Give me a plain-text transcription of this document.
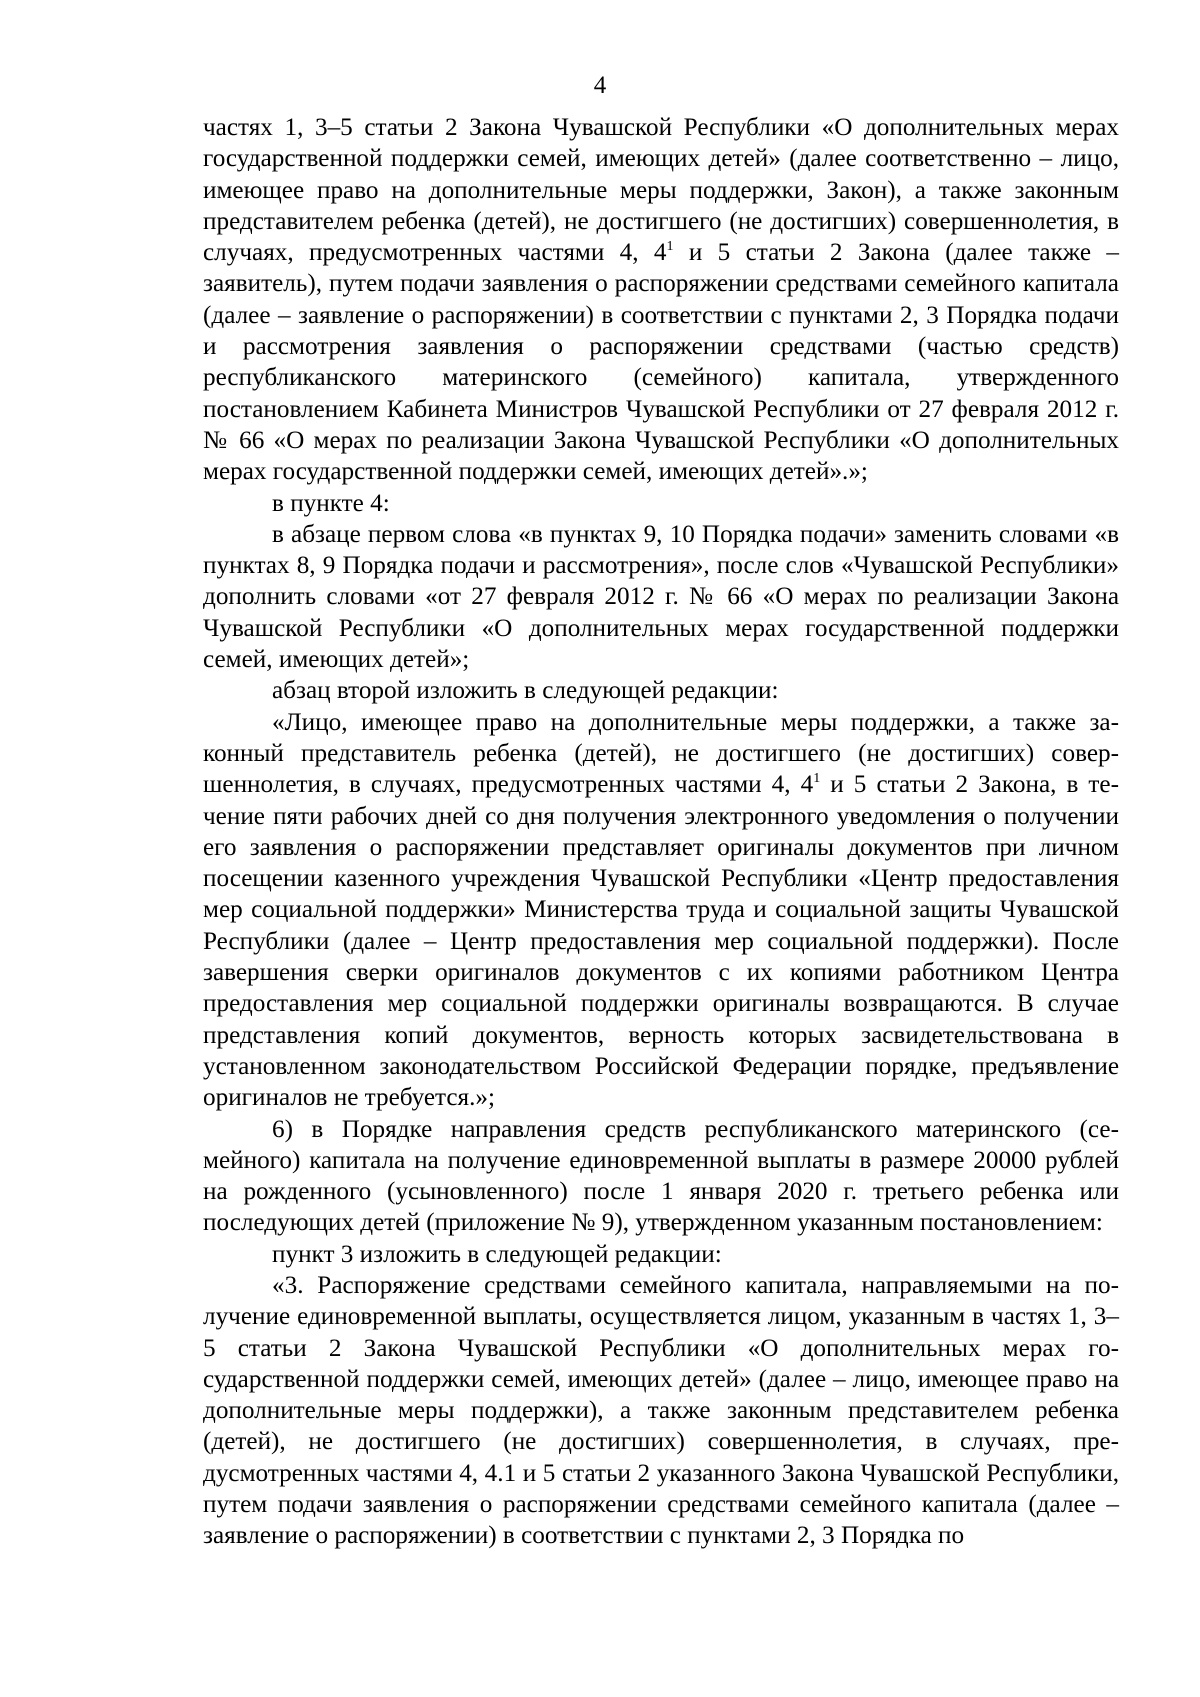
4

частях 1, 3–5 статьи 2 Закона Чувашской Республики «О дополнительных мерах государственной поддержки семей, имеющих детей» (далее соответственно – лицо, имеющее право на дополнительные меры поддержки, Закон), а также законным представителем ребенка (детей), не достигшего (не достигших) совершеннолетия, в случаях, предусмотренных частями 4, $4^1$ и 5 статьи 2 Закона (далее также – заявитель), путем подачи заявления о распоряжении средствами семейного капитала (далее – заявление о распоряжении) в соответствии с пунктами 2, 3 Порядка подачи и рассмотрения заявления о распоряжении средствами (частью средств) республиканского материнского (семейного) капитала, утвержденного постановлением Кабинета Министров Чувашской Республики от 27 февраля 2012 г. № 66 «О мерах по реализации Закона Чувашской Республики «О дополнительных мерах государственной поддержки семей, имеющих детей».»;

в пункте 4:

в абзаце первом слова «в пунктах 9, 10 Порядка подачи» заменить словами «в пунктах 8, 9 Порядка подачи и рассмотрения», после слов «Чувашской Республики» дополнить словами «от 27 февраля 2012 г. № 66 «О мерах по реализации Закона Чувашской Республики «О дополнительных мерах государственной поддержки семей, имеющих детей»;

абзац второй изложить в следующей редакции:

«Лицо, имеющее право на дополнительные меры поддержки, а также законный представитель ребенка (детей), не достигшего (не достигших) совершеннолетия, в случаях, предусмотренных частями 4, $4^1$ и 5 статьи 2 Закона, в течение пяти рабочих дней со дня получения электронного уведомления о получении его заявления о распоряжении представляет оригиналы документов при личном посещении казенного учреждения Чувашской Республики «Центр предоставления мер социальной поддержки» Министерства труда и социальной защиты Чувашской Республики (далее – Центр предоставления мер социальной поддержки). После завершения сверки оригиналов документов с их копиями работником Центра предоставления мер социальной поддержки оригиналы возвращаются. В случае представления копий документов, верность которых засвидетельствована в установленном законодательством Российской Федерации порядке, предъявление оригиналов не требуется.»;

6) в Порядке направления средств республиканского материнского (семейного) капитала на получение единовременной выплаты в размере 20000 рублей на рожденного (усыновленного) после 1 января 2020 г. третьего ребенка или последующих детей (приложение № 9), утвержденном указанным постановлением:

пункт 3 изложить в следующей редакции:

«3. Распоряжение средствами семейного капитала, направляемыми на получение единовременной выплаты, осуществляется лицом, указанным в частях 1, 3–5 статьи 2 Закона Чувашской Республики «О дополнительных мерах государственной поддержки семей, имеющих детей» (далее – лицо, имеющее право на дополнительные меры поддержки), а также законным представителем ребенка (детей), не достигшего (не достигших) совершеннолетия, в случаях, предусмотренных частями 4, 4.1 и 5 статьи 2 указанного Закона Чувашской Республики, путем подачи заявления о распоряжении средствами семейного капитала (далее – заявление о распоряжении) в соответствии с пунктами 2, 3 Порядка по
